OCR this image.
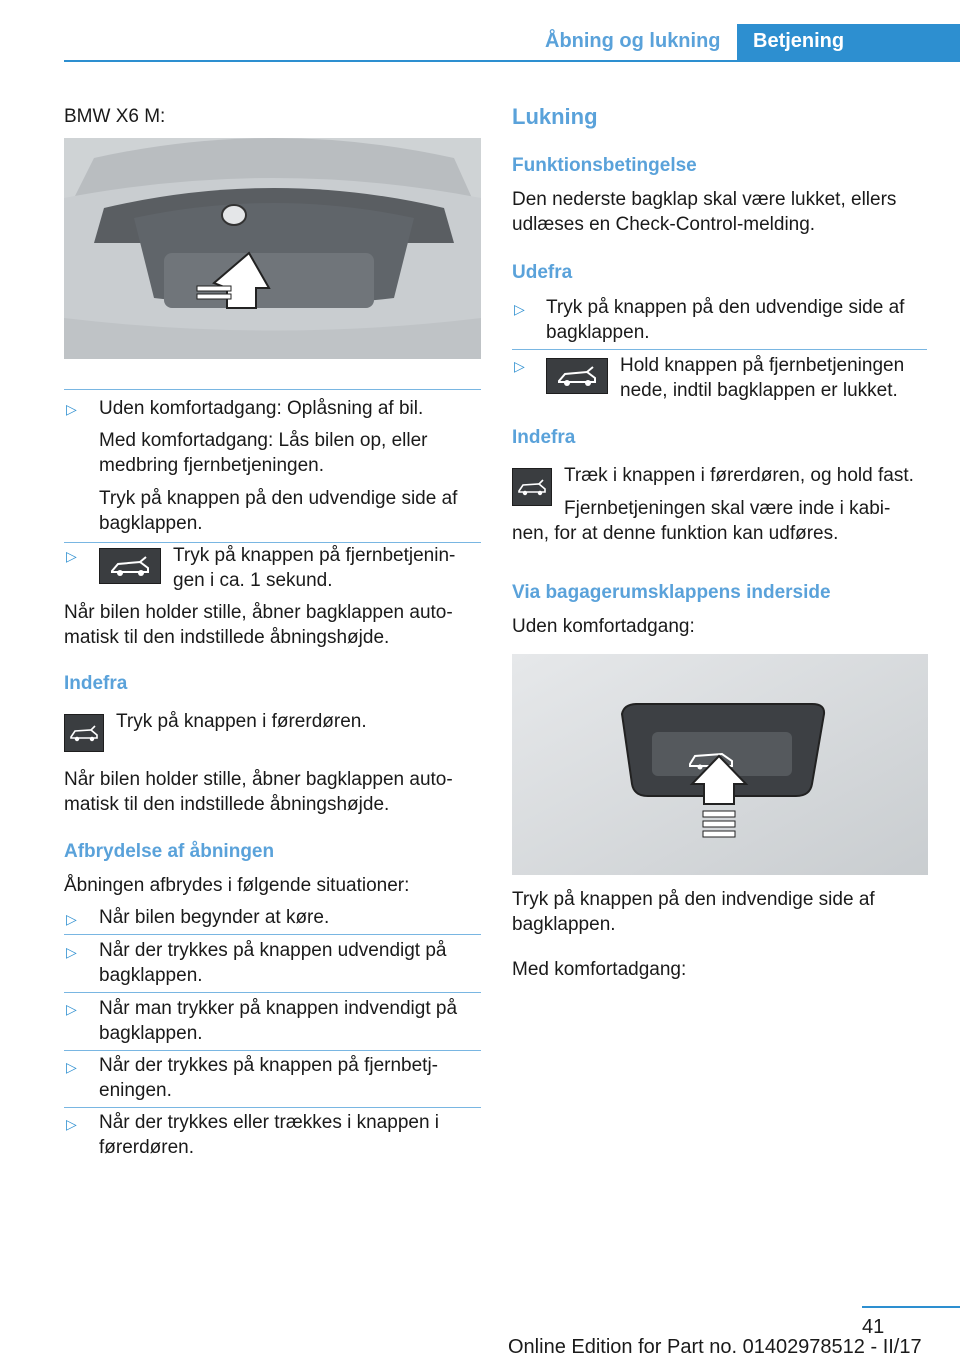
Åbning og lukning Betjening
BMW X6 M:
▷ Uden komfortadgang: Oplåsning af bil.
Med komfortadgang: Lås bilen op, eller
medbring fjernbetjeningen.
Tryk på knappen på den udvendige side af
bagklappen.
▷	Tryk på knappen på fjernbetjenin‐
gen i ca. 1 sekund.
Når bilen holder stille, åbner bagklappen auto‐
matisk til den indstillede åbningshøjde.
Indefra
Tryk på knappen i førerdøren.
Når bilen holder stille, åbner bagklappen auto‐
matisk til den indstillede åbningshøjde.
Afbrydelse af åbningen
Åbningen afbrydes i følgende situationer:
▷ Når bilen begynder at køre.
▷ Når der trykkes på knappen udvendigt på
bagklappen.
▷ Når man trykker på knappen indvendigt på
bagklappen.
▷ Når der trykkes på knappen på fjernbetj‐
eningen.
▷ Når der trykkes eller trækkes i knappen i
førerdøren.
Lukning
Funktionsbetingelse
Den nederste bagklap skal være lukket, ellers
udlæses en Check-Control-melding.
Udefra
▷ Tryk på knappen på den udvendige side af
bagklappen.
▷	Hold knappen på fjernbetjeningen
nede, indtil bagklappen er lukket.
Indefra
Træk i knappen i førerdøren, og hold fast.
Fjernbetjeningen skal være inde i kabi‐
nen, for at denne funktion kan udføres.
Via bagagerumsklappens inderside
Uden komfortadgang:
Tryk på knappen på den indvendige side af
bagklappen.
Med komfortadgang:
41
Online Edition for Part no. 01402978512 - II/17
